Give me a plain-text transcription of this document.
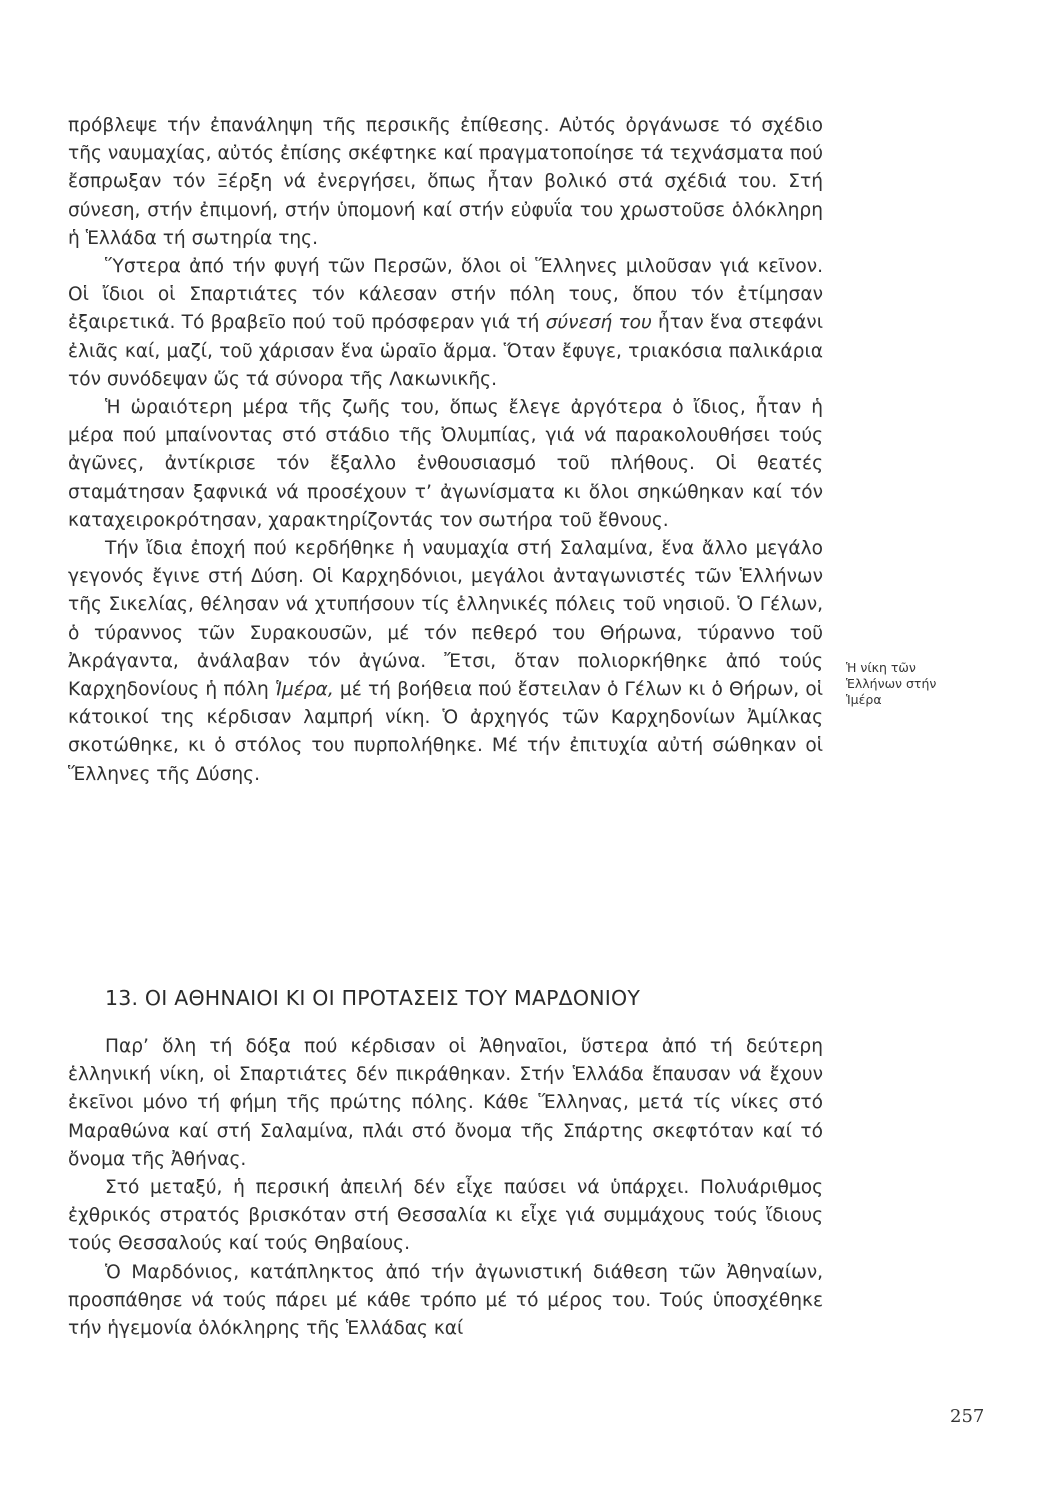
πρόβλεψε τήν ἐπανάληψη τῆς περσικῆς ἐπίθεσης. Αὐτός ὀργάνωσε τό σχέδιο τῆς ναυμαχίας, αὐτός ἐπίσης σκέφτηκε καί πραγματοποίησε τά τεχνάσματα πού ἔσπρωξαν τόν Ξέρξη νά ἐνεργήσει, ὅπως ἦταν βολικό στά σχέδιά του. Στή σύνεση, στήν ἐπιμονή, στήν ὑπομονή καί στήν εὐφυΐα του χρωστοῦσε ὁλόκληρη ἡ Ἑλλάδα τή σωτηρία της.

Ὕστερα ἀπό τήν φυγή τῶν Περσῶν, ὅλοι οἱ Ἕλληνες μιλοῦσαν γιά κεῖνον. Οἱ ἴδιοι οἱ Σπαρτιάτες τόν κάλεσαν στήν πόλη τους, ὅπου τόν ἐτίμησαν ἐξαιρετικά. Τό βραβεῖο πού τοῦ πρόσφεραν γιά τή σύνεσή του ἦταν ἕνα στεφάνι ἐλιᾶς καί, μαζί, τοῦ χάρισαν ἕνα ὡραῖο ἅρμα. Ὅταν ἔφυγε, τριακόσια παλικάρια τόν συνόδεψαν ὥς τά σύνορα τῆς Λακωνικῆς.

Ἡ ὡραιότερη μέρα τῆς ζωῆς του, ὅπως ἔλεγε ἀργότερα ὁ ἴδιος, ἦταν ἡ μέρα πού μπαίνοντας στό στάδιο τῆς Ὀλυμπίας, γιά νά παρακολουθήσει τούς ἀγῶνες, ἀντίκρισε τόν ἔξαλλο ἐνθουσιασμό τοῦ πλήθους. Οἱ θεατές σταμάτησαν ξαφνικά νά προσέχουν τ’ ἀγωνίσματα κι ὅλοι σηκώθηκαν καί τόν καταχειροκρότησαν, χαρακτηρίζοντάς τον σωτήρα τοῦ ἔθνους.

Τήν ἴδια ἐποχή πού κερδήθηκε ἡ ναυμαχία στή Σαλαμίνα, ἕνα ἄλλο μεγάλο γεγονός ἔγινε στή Δύση. Οἱ Καρχηδόνιοι, μεγάλοι ἀνταγωνιστές τῶν Ἑλλήνων τῆς Σικελίας, θέλησαν νά χτυπήσουν τίς ἑλληνικές πόλεις τοῦ νησιοῦ. Ὁ Γέλων, ὁ τύραννος τῶν Συρακουσῶν, μέ τόν πεθερό του Θήρωνα, τύραννο τοῦ Ἀκράγαντα, ἀνάλαβαν τόν ἀγώνα. Ἔτσι, ὅταν πολιορκήθηκε ἀπό τούς Καρχηδονίους ἡ πόλη Ἱμέρα, μέ τή βοήθεια πού ἔστειλαν ὁ Γέλων κι ὁ Θήρων, οἱ κάτοικοί της κέρδισαν λαμπρή νίκη. Ὁ ἀρχηγός τῶν Καρχηδονίων Ἀμίλκας σκοτώθηκε, κι ὁ στόλος του πυρπολήθηκε. Μέ τήν ἐπιτυχία αὐτή σώθηκαν οἱ Ἕλληνες τῆς Δύσης.

Ἡ νίκη τῶν
Ἑλλήνων στήν
Ἱμέρα
13. ΟΙ ΑΘΗΝΑΙΟΙ ΚΙ ΟΙ ΠΡΟΤΑΣΕΙΣ ΤΟΥ ΜΑΡΔΟΝΙΟΥ

Παρ’ ὅλη τή δόξα πού κέρδισαν οἱ Ἀθηναῖοι, ὕστερα ἀπό τή δεύτερη ἑλληνική νίκη, οἱ Σπαρτιάτες δέν πικράθηκαν. Στήν Ἑλλάδα ἔπαυσαν νά ἔχουν ἐκεῖνοι μόνο τή φήμη τῆς πρώτης πόλης. Κάθε Ἕλληνας, μετά τίς νίκες στό Μαραθώνα καί στή Σαλαμίνα, πλάι στό ὄνομα τῆς Σπάρτης σκεφτόταν καί τό ὄνομα τῆς Ἀθήνας.

Στό μεταξύ, ἡ περσική ἀπειλή δέν εἶχε παύσει νά ὑπάρχει. Πολυάριθμος ἐχθρικός στρατός βρισκόταν στή Θεσσαλία κι εἶχε γιά συμμάχους τούς ἴδιους τούς Θεσσαλούς καί τούς Θηβαίους.

Ὁ Μαρδόνιος, κατάπληκτος ἀπό τήν ἀγωνιστική διάθεση τῶν Ἀθηναίων, προσπάθησε νά τούς πάρει μέ κάθε τρόπο μέ τό μέρος του. Τούς ὑποσχέθηκε τήν ἡγεμονία ὁλόκληρης τῆς Ἑλλάδας καί

257
